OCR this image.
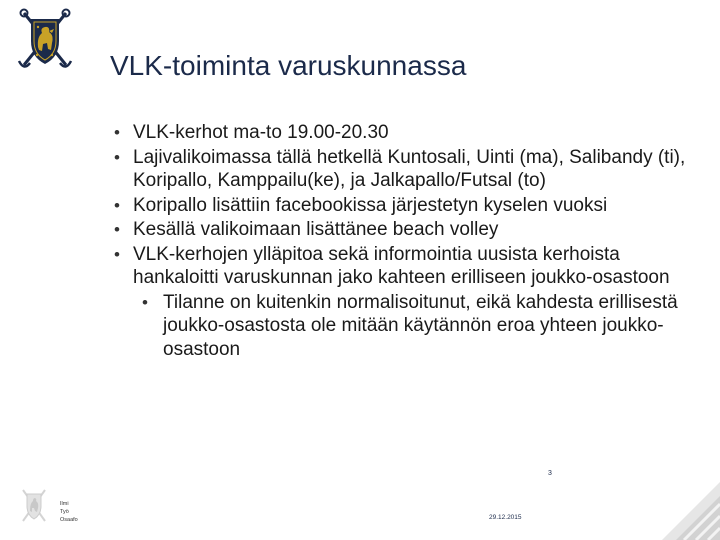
VLK-toiminta varuskunnassa
• VLK-kerhot ma-to 19.00-20.30
• Lajivalikoimassa tällä hetkellä Kuntosali, Uinti (ma), Salibandy (ti), Koripallo, Kamppailu(ke), ja Jalkapallo/Futsal (to)
• Koripallo lisättiin facebookissa järjestetyn kyselen vuoksi
• Kesällä valikoimaan lisättänee beach volley
• VLK-kerhojen ylläpitoa sekä informointia uusista kerhoista hankaloitti varuskunnan jako kahteen erilliseen joukko-osastoon
• Tilanne on kuitenkin normalisoitunut, eikä kahdesta erillisestä joukko-osastosta ole mitään käytännön eroa yhteen joukko-osastoon
Ilmi
Työ
Osaafo
3
29.12.2015
